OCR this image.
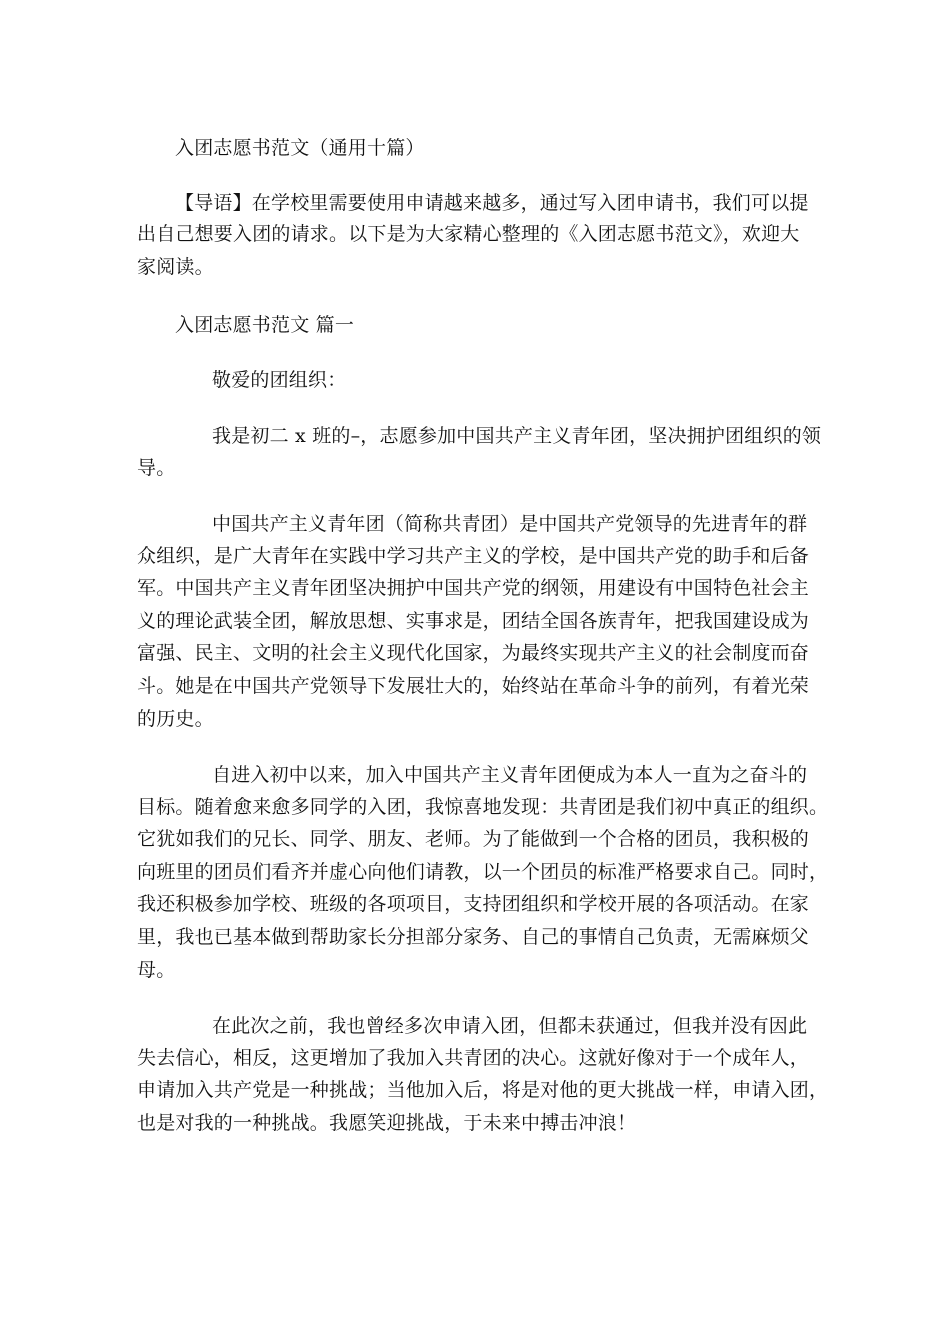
入团志愿书范文（通用十篇）
【导语】在学校里需要使用申请越来越多，通过写入团申请书，我们可以提
出自己想要入团的请求。以下是为大家精心整理的《入团志愿书范文》，欢迎大
家阅读。
入团志愿书范文 篇一
敬爱的团组织：
我是初二 x 班的–，志愿参加中国共产主义青年团，坚决拥护团组织的领
导。
中国共产主义青年团（简称共青团）是中国共产党领导的先进青年的群
众组织，是广大青年在实践中学习共产主义的学校，是中国共产党的助手和后备
军。中国共产主义青年团坚决拥护中国共产党的纲领，用建设有中国特色社会主
义的理论武装全团，解放思想、实事求是，团结全国各族青年，把我国建设成为
富强、民主、文明的社会主义现代化国家，为最终实现共产主义的社会制度而奋
斗。她是在中国共产党领导下发展壮大的，始终站在革命斗争的前列，有着光荣
的历史。
自进入初中以来，加入中国共产主义青年团便成为本人一直为之奋斗的
目标。随着愈来愈多同学的入团，我惊喜地发现：共青团是我们初中真正的组织。
它犹如我们的兄长、同学、朋友、老师。为了能做到一个合格的团员，我积极的
向班里的团员们看齐并虚心向他们请教，以一个团员的标准严格要求自己。同时，
我还积极参加学校、班级的各项项目，支持团组织和学校开展的各项活动。在家
里，我也已基本做到帮助家长分担部分家务、自己的事情自己负责，无需麻烦父
母。
在此次之前，我也曾经多次申请入团，但都未获通过，但我并没有因此
失去信心，相反，这更增加了我加入共青团的决心。这就好像对于一个成年人，
申请加入共产党是一种挑战；当他加入后，将是对他的更大挑战一样，申请入团，
也是对我的一种挑战。我愿笑迎挑战，于未来中搏击冲浪！
